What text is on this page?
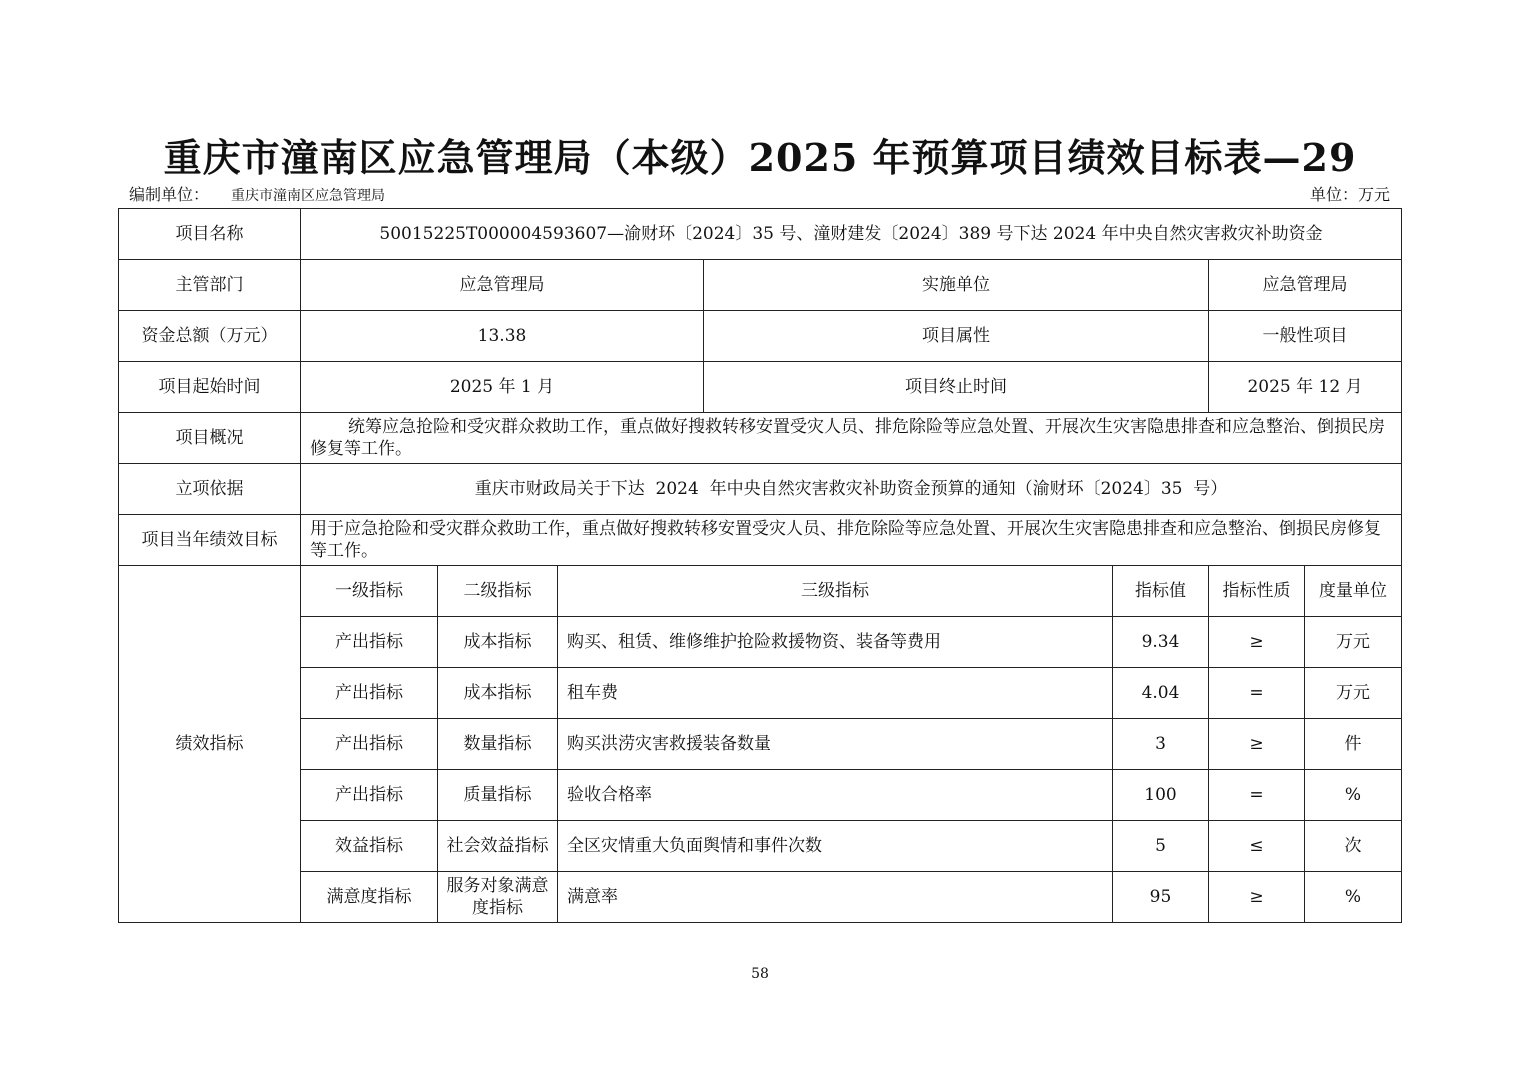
重庆市潼南区应急管理局（本级）2025 年预算项目绩效目标表—29
编制单位： 重庆市潼南区应急管理局	单位：万元
项目名称	50015225T000004593607—渝财环〔2024〕35 号、潼财建发〔2024〕389 号下达 2024 年中央自然灾害救灾补助资金						
主管部门	应急管理局			实施单位		应急管理局	
资金总额（万元）	13.38			项目属性		一般性项目	
项目起始时间	2025 年 1 月			项目终止时间		2025 年 12 月	
项目概况	统筹应急抢险和受灾群众救助工作，重点做好搜救转移安置受灾人员、排危除险等应急处置、开展次生灾害隐患排查和应急整治、倒损民房修复等工作。						

立项依据	重庆市财政局关于下达  2024  年中央自然灾害救灾补助资金预算的通知（渝财环〔2024〕35  号）						
项目当年绩效目标	用于应急抢险和受灾群众救助工作，重点做好搜救转移安置受灾人员、排危除险等应急处置、开展次生灾害隐患排查和应急整治、倒损民房修复等工作。						
绩效指标	一级指标	二级指标	三级指标		指标值	指标性质	度量单位
	产出指标	成本指标	购买、租赁、维修维护抢险救援物资、装备等费用		9.34	≥	万元
	产出指标	成本指标	租车费		4.04	=	万元
	产出指标	数量指标	购买洪涝灾害救援装备数量		3	≥	件
	产出指标	质量指标	验收合格率		100	=	%
	效益指标	社会效益指标	全区灾情重大负面舆情和事件次数		5	≤	次
	满意度指标	服务对象满意度指标	满意率		95	≥	%
58
